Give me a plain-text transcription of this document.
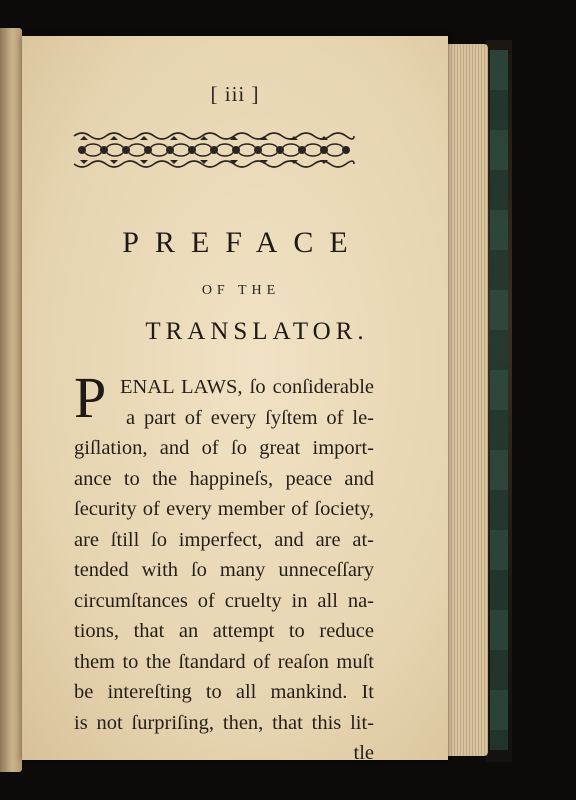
[ iii ]
PREFACE
OF THE
TRANSLATOR.
P ENAL LAWS, ſo conſiderable
a part of every ſyſtem of le-
giſlation, and of ſo great import-
ance to the happineſs, peace and
ſecurity of every member of ſociety,
are ſtill ſo imperfect, and are at-
tended with ſo many unneceſſary
circumſtances of cruelty in all na-
tions, that an attempt to reduce
them to the ſtandard of reaſon muſt
be intereſting to all mankind. It
is not ſurpriſing, then, that this lit-
tle
